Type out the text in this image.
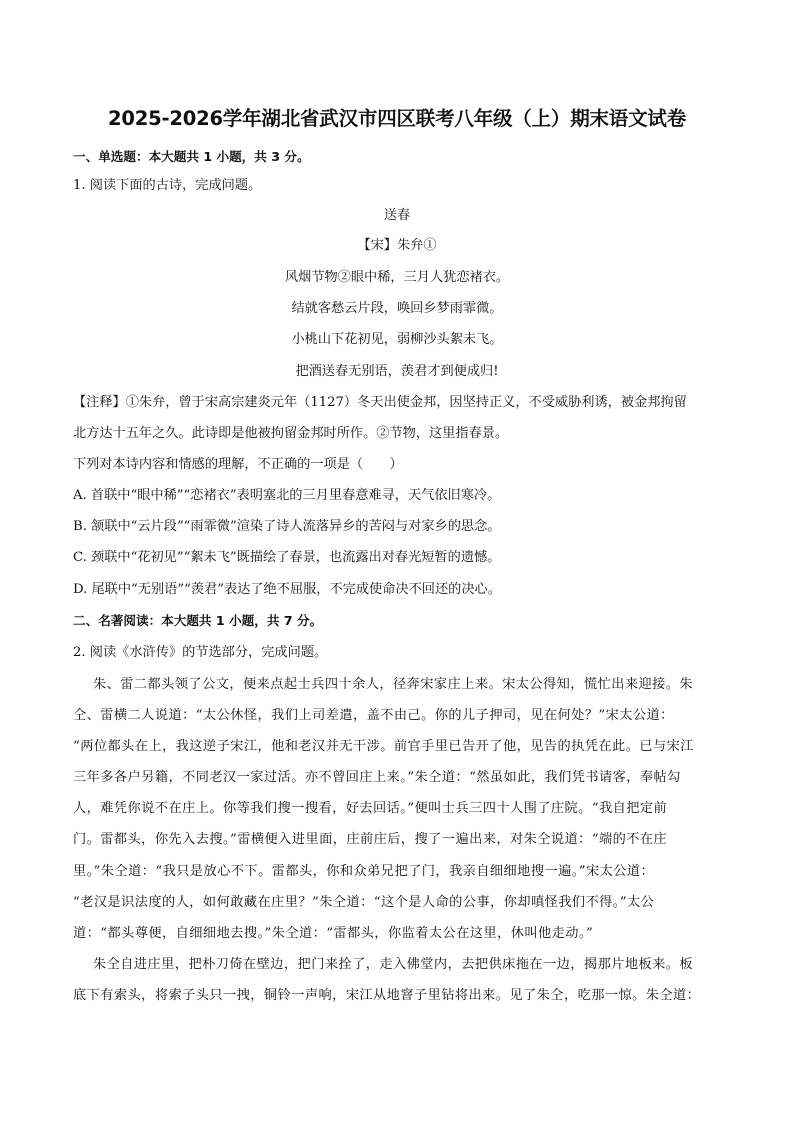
2025-2026学年湖北省武汉市四区联考八年级（上）期末语文试卷
一、单选题：本大题共 1 小题，共 3 分。
1. 阅读下面的古诗，完成问题。
送春
【宋】朱弁①
风烟节物②眼中稀，三月人犹恋褚衣。
结就客愁云片段，唤回乡梦雨霏微。
小桃山下花初见，弱柳沙头絮未飞。
把酒送春无别语，羡君才到便成归!
【注释】①朱弁，曾于宋高宗建炎元年（1127）冬天出使金邦，因坚持正义，不受威胁利诱，被金邦拘留
北方达十五年之久。此诗即是他被拘留金邦时所作。②节物，这里指春景。
下列对本诗内容和情感的理解，不正确的一项是（　　）
A. 首联中“眼中稀”“恋褚衣”表明塞北的三月里春意难寻，天气依旧寒冷。
B. 颔联中“云片段”“雨霏微”渲染了诗人流落异乡的苦闷与对家乡的思念。
C. 颈联中“花初见”“絮未飞”既描绘了春景，也流露出对春光短暂的遗憾。
D. 尾联中“无别语”“羡君”表达了绝不屈服，不完成使命决不回还的决心。
二、名著阅读：本大题共 1 小题，共 7 分。
2. 阅读《水浒传》的节选部分，完成问题。
朱、雷二都头领了公文，便来点起士兵四十余人，径奔宋家庄上来。宋太公得知，慌忙出来迎接。朱
仝、雷横二人说道：“太公休怪，我们上司差遣，盖不由己。你的儿子押司，见在何处？”宋太公道：
“两位都头在上，我这逆子宋江，他和老汉并无干涉。前官手里已告开了他，见告的执凭在此。已与宋江
三年多各户另籍，不同老汉一家过活。亦不曾回庄上来。”朱仝道：“然虽如此，我们凭书请客，奉帖勾
人，难凭你说不在庄上。你等我们搜一搜看，好去回话。”便叫士兵三四十人围了庄院。“我自把定前
门。雷都头，你先入去搜。”雷横便入进里面，庄前庄后，搜了一遍出来，对朱仝说道：“端的不在庄
里。”朱仝道：“我只是放心不下。雷都头，你和众弟兄把了门，我亲自细细地搜一遍。”宋太公道：
“老汉是识法度的人，如何敢藏在庄里？”朱仝道：“这个是人命的公事，你却嗔怪我们不得。”太公
道：“都头尊便，自细细地去搜。”朱仝道：“雷都头，你监着太公在这里，休叫他走动。”
朱仝自进庄里，把朴刀倚在壁边，把门来拴了，走入佛堂内，去把供床拖在一边，揭那片地板来。板
底下有索头，将索子头只一拽，铜铃一声响，宋江从地窨子里钻将出来。见了朱仝，吃那一惊。朱仝道：
